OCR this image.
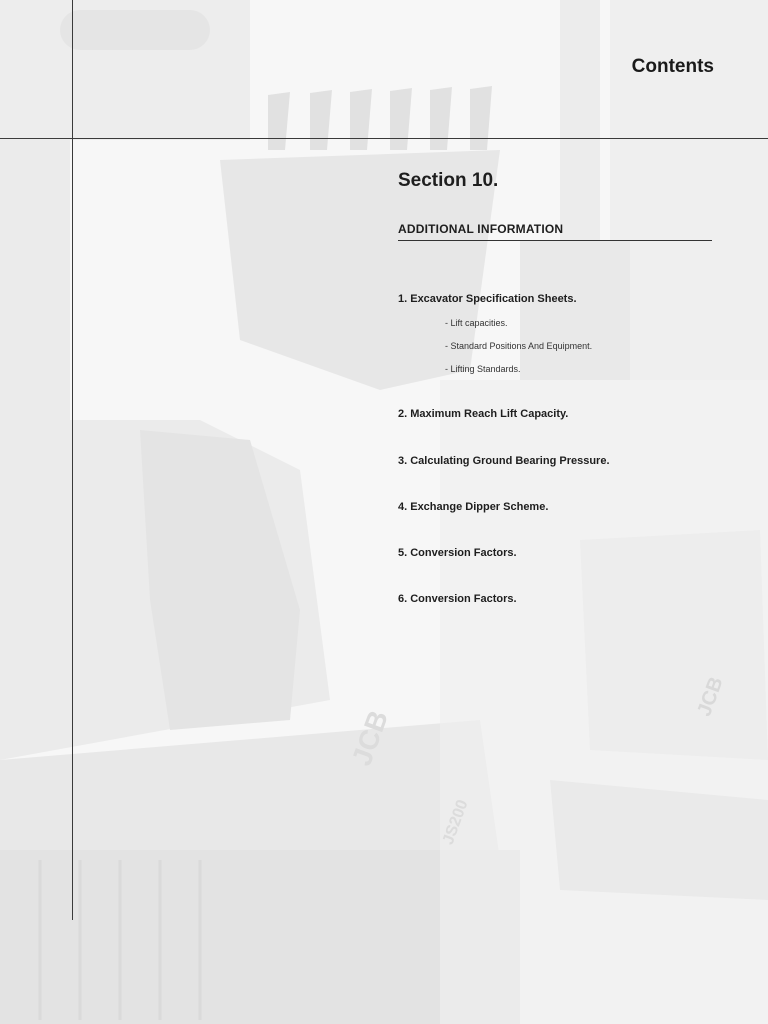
JCB
JS200
JCB
Contents
Section 10.
ADDITIONAL INFORMATION
1. Excavator Specification Sheets.
- Lift capacities.
- Standard Positions And Equipment.
- Lifting Standards.
2. Maximum Reach Lift Capacity.
3. Calculating Ground Bearing Pressure.
4. Exchange Dipper Scheme.
5. Conversion Factors.
6. Conversion Factors.
